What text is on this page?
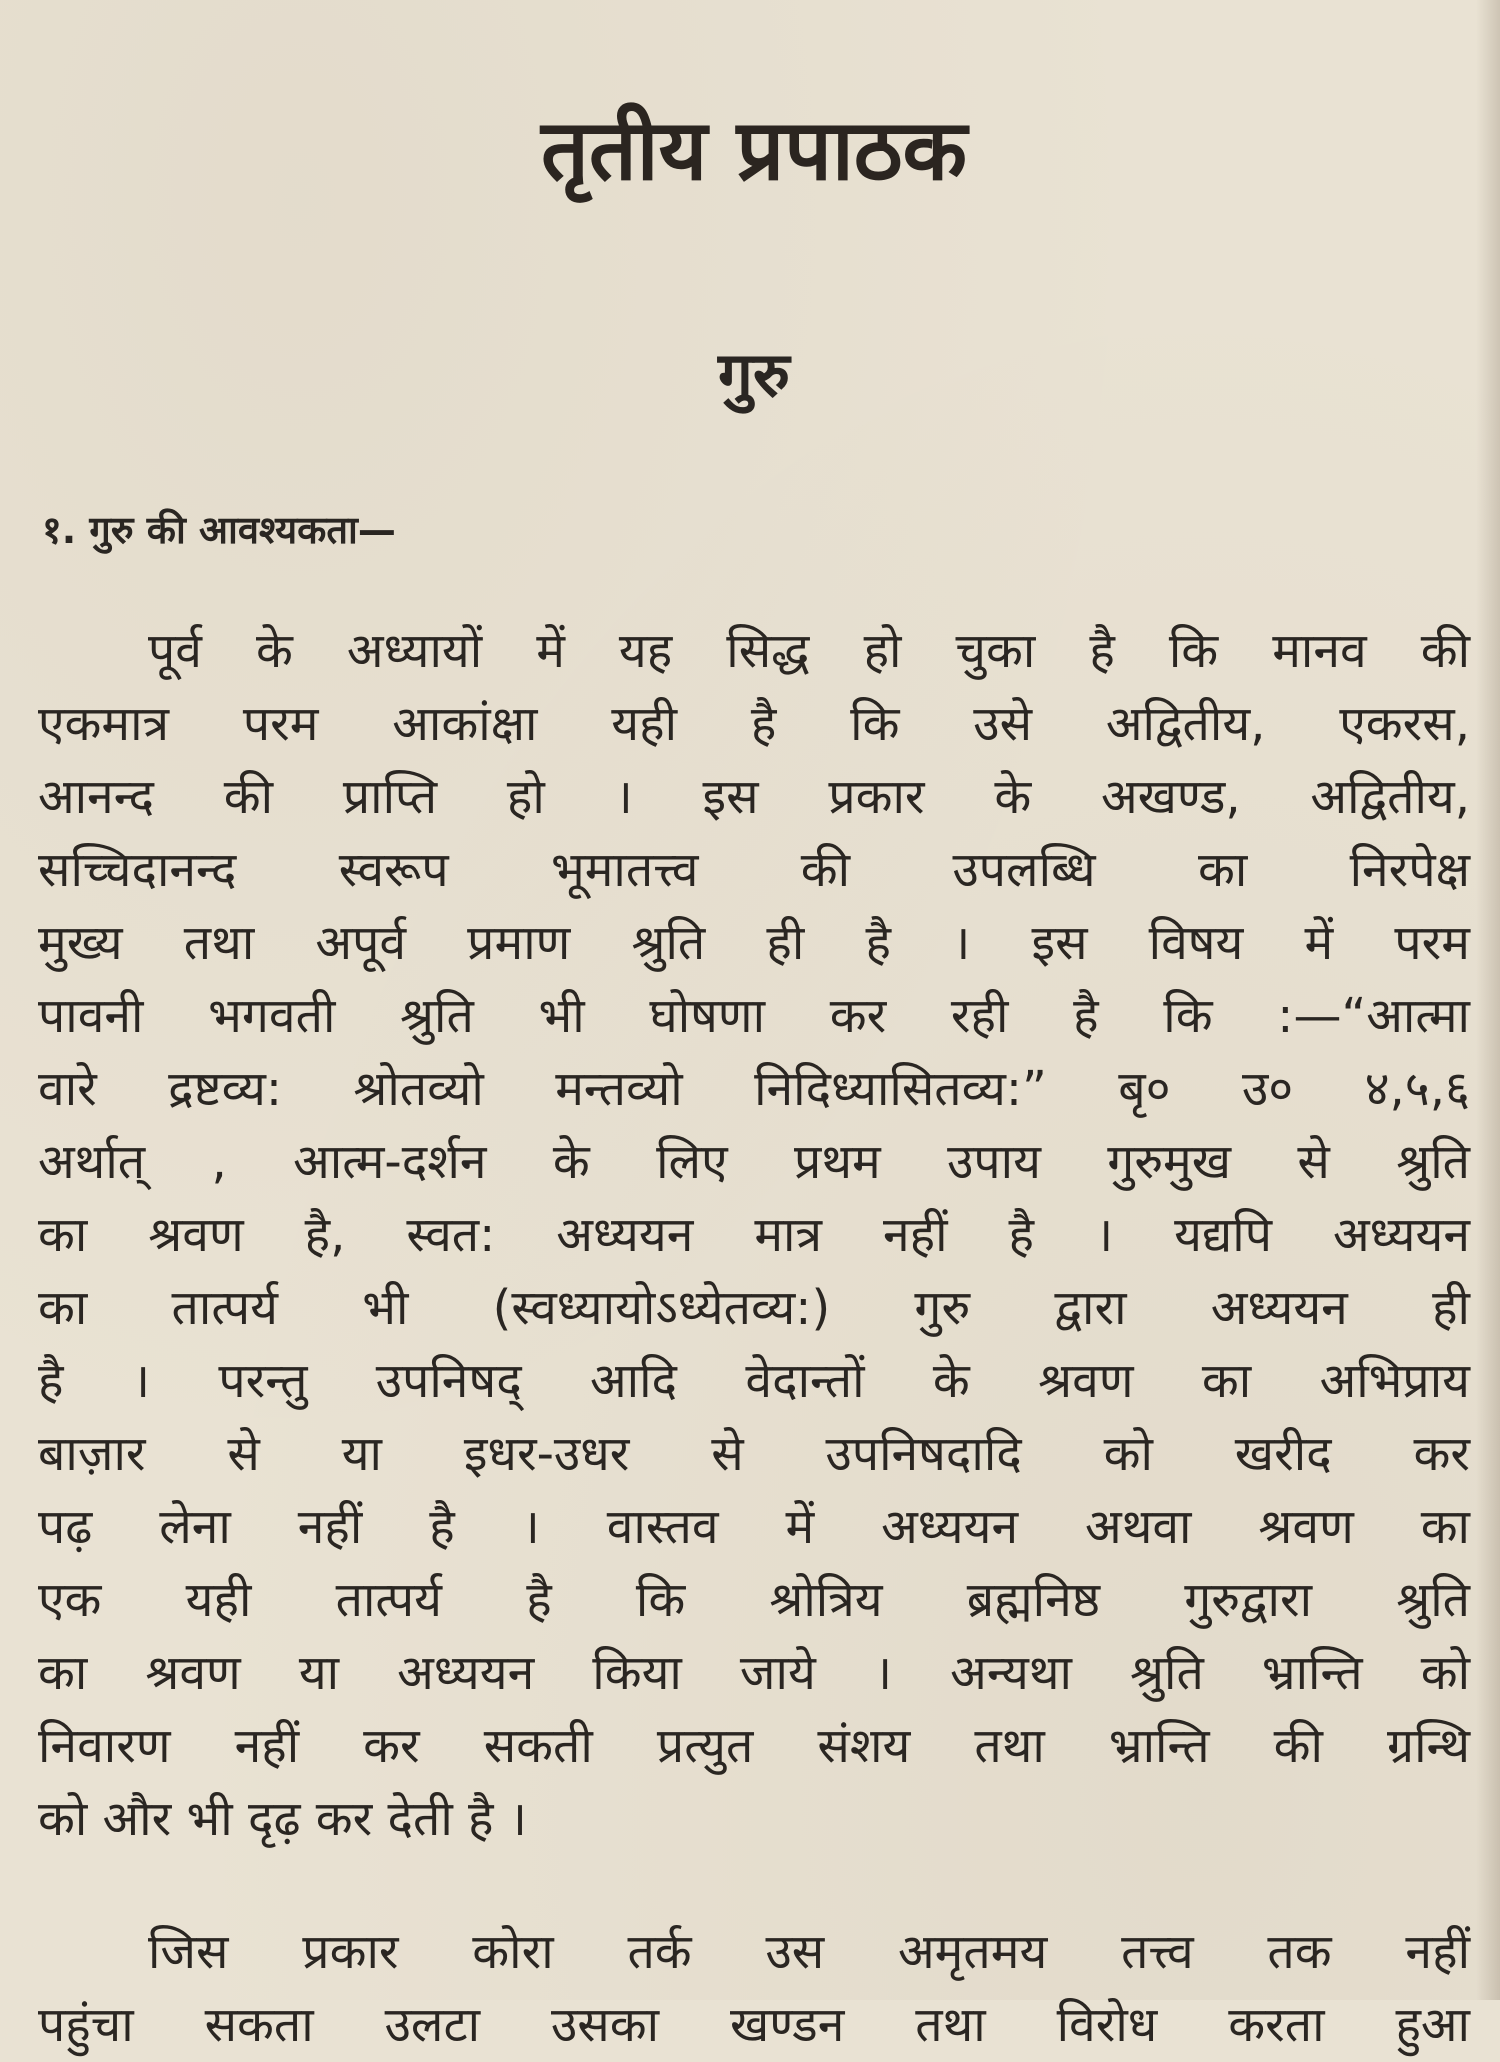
तृतीय प्रपाठक
गुरु
१. गुरु की आवश्यकता—
पूर्व के अध्यायों में यह सिद्ध हो चुका है कि मानव की
एकमात्र परम आकांक्षा यही है कि उसे अद्वितीय, एकरस,
आनन्द की प्राप्ति हो । इस प्रकार के अखण्ड, अद्वितीय,
सच्चिदानन्द स्वरूप भूमातत्त्व की उपलब्धि का निरपेक्ष
मुख्य तथा अपूर्व प्रमाण श्रुति ही है । इस विषय में परम
पावनी भगवती श्रुति भी घोषणा कर रही है कि :—“आत्मा
वारे द्रष्टव्य: श्रोतव्यो मन्तव्यो निदिध्यासितव्य:” बृ० उ० ४,५,६
अर्थात् , आत्म-दर्शन के लिए प्रथम उपाय गुरुमुख से श्रुति
का श्रवण है, स्वत: अध्ययन मात्र नहीं है । यद्यपि अध्ययन
का तात्पर्य भी (स्वध्यायोऽध्येतव्य:) गुरु द्वारा अध्ययन ही
है । परन्तु उपनिषद् आदि वेदान्तों के श्रवण का अभिप्राय
बाज़ार से या इधर-उधर से उपनिषदादि को खरीद कर
पढ़ लेना नहीं है । वास्तव में अध्ययन अथवा श्रवण का
एक यही तात्पर्य है कि श्रोत्रिय ब्रह्मनिष्ठ गुरुद्वारा श्रुति
का श्रवण या अध्ययन किया जाये । अन्यथा श्रुति भ्रान्ति को
निवारण नहीं कर सकती प्रत्युत संशय तथा भ्रान्ति की ग्रन्थि
को और भी दृढ़ कर देती है ।
जिस प्रकार कोरा तर्क उस अमृतमय तत्त्व तक नहीं
पहुंचा सकता उलटा उसका खण्डन तथा विरोध करता हुआ
